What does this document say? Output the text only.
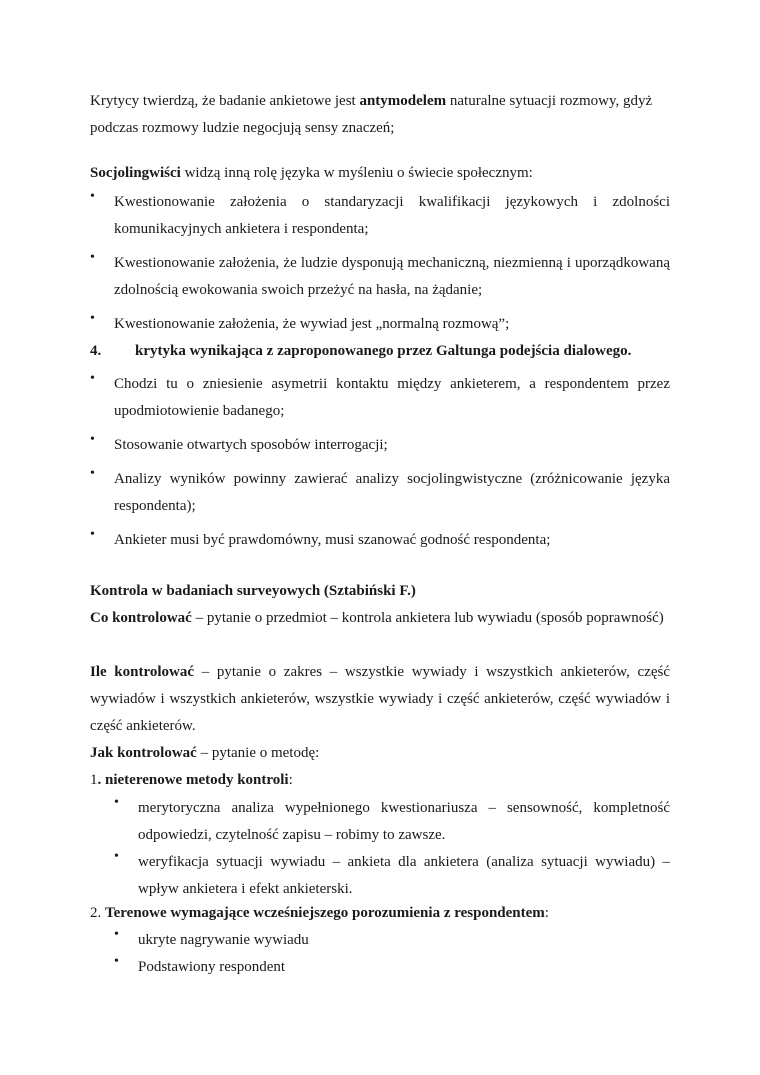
Krytycy twierdzą, że badanie ankietowe jest antymodelem naturalne sytuacji rozmowy, gdyż
podczas rozmowy ludzie negocjują sensy znaczeń;

Socjolingwiści widzą inną rolę języka w myśleniu o świecie społecznym:

• Kwestionowanie założenia o standaryzacji kwalifikacji językowych i zdolności komunikacyjnych ankietera i respondenta;
• Kwestionowanie założenia, że ludzie dysponują mechaniczną, niezmienną i uporządkowaną zdolnością ewokowania swoich przeżyć na hasła, na żądanie;
• Kwestionowanie założenia, że wywiad jest „normalną rozmową”;
4. krytyka wynikająca z zaproponowanego przez Galtunga podejścia dialowego.
• Chodzi tu o zniesienie asymetrii kontaktu między ankieterem, a respondentem przez upodmiotowienie badanego;
• Stosowanie otwartych sposobów interrogacji;
• Analizy wyników powinny zawierać analizy socjolingwistyczne (zróżnicowanie języka respondenta);
• Ankieter musi być prawdomówny, musi szanować godność respondenta;

Kontrola w badaniach surveyowych (Sztabiński F.)

Co kontrolować – pytanie o przedmiot – kontrola ankietera lub wywiadu (sposób poprawność)

Ile kontrolować – pytanie o zakres – wszystkie wywiady i wszystkich ankieterów, część wywiadów i wszystkich ankieterów, wszystkie wywiady i część ankieterów, część wywiadów i część ankieterów.

Jak kontrolować – pytanie o metodę:

1. nieterenowe metody kontroli:

• merytoryczna analiza wypełnionego kwestionariusza – sensowność, kompletność odpowiedzi, czytelność zapisu – robimy to zawsze.
• weryfikacja sytuacji wywiadu – ankieta dla ankietera (analiza sytuacji wywiadu) – wpływ ankietera i efekt ankieterski.

2. Terenowe wymagające wcześniejszego porozumienia z respondentem:

• ukryte nagrywanie wywiadu
• Podstawiony respondent
